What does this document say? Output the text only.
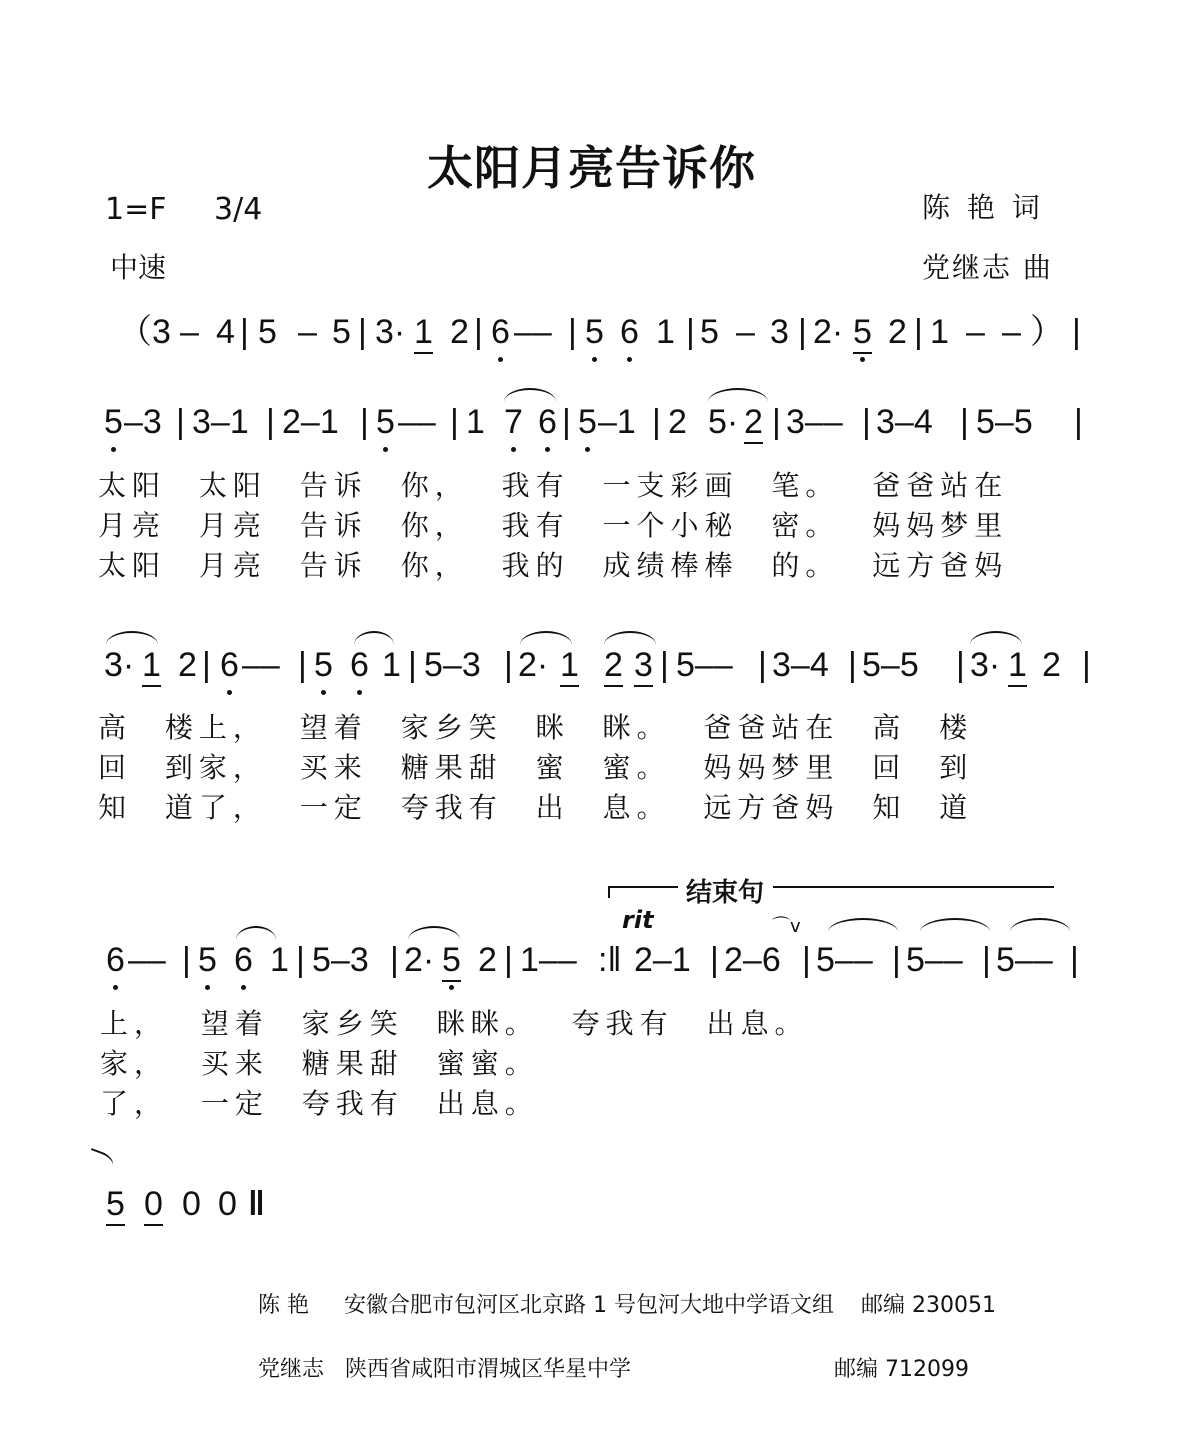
太阳月亮告诉你
1=F 3/4
中速
陈 艳 词
党继志 曲
（3 – 4 | 5 – 5 | 3· 1 2 | 6 –– | 5 6 1 | 5 – 3 | 2· 5 2 | 1 – – ） |
5 –3 | 3–1 | 2–1 | 5 –– | 1 7 6 | 5 –1 | 2 5· 2 | 3–– | 3–4 | 5–5 |
太阳 太阳 告诉 你， 我有 一支彩画 笔。 爸爸站在
月亮 月亮 告诉 你， 我有 一个小秘 密。 妈妈梦里
太阳 月亮 告诉 你， 我的 成绩棒棒 的。 远方爸妈
3· 1 2 | 6 –– | 5 6 1 | 5–3 | 2· 1 2 3 | 5–– | 3–4 | 5–5 | 3· 1 2 |
高 楼上， 望着 家乡笑 眯 眯。 爸爸站在 高 楼
回 到家， 买来 糖果甜 蜜 蜜。 妈妈梦里 回 到
知 道了， 一定 夸我有 出 息。 远方爸妈 知 道
结束句
rit	⌒v
6 –– | 5 6 1 | 5–3 | 2· 5 2 | 1–– :‖ 2–1 | 2–6 | 5–– | 5–– | 5–– |
上， 望着 家乡笑 眯眯。 夸我有 出息。
家， 买来 糖果甜 蜜蜜。
了， 一定 夸我有 出息。
5 0 0 0 ‖
陈 艳 安徽合肥市包河区北京路 1 号包河大地中学语文组 邮编 230051
党继志 陕西省咸阳市渭城区华星中学	邮编 712099
